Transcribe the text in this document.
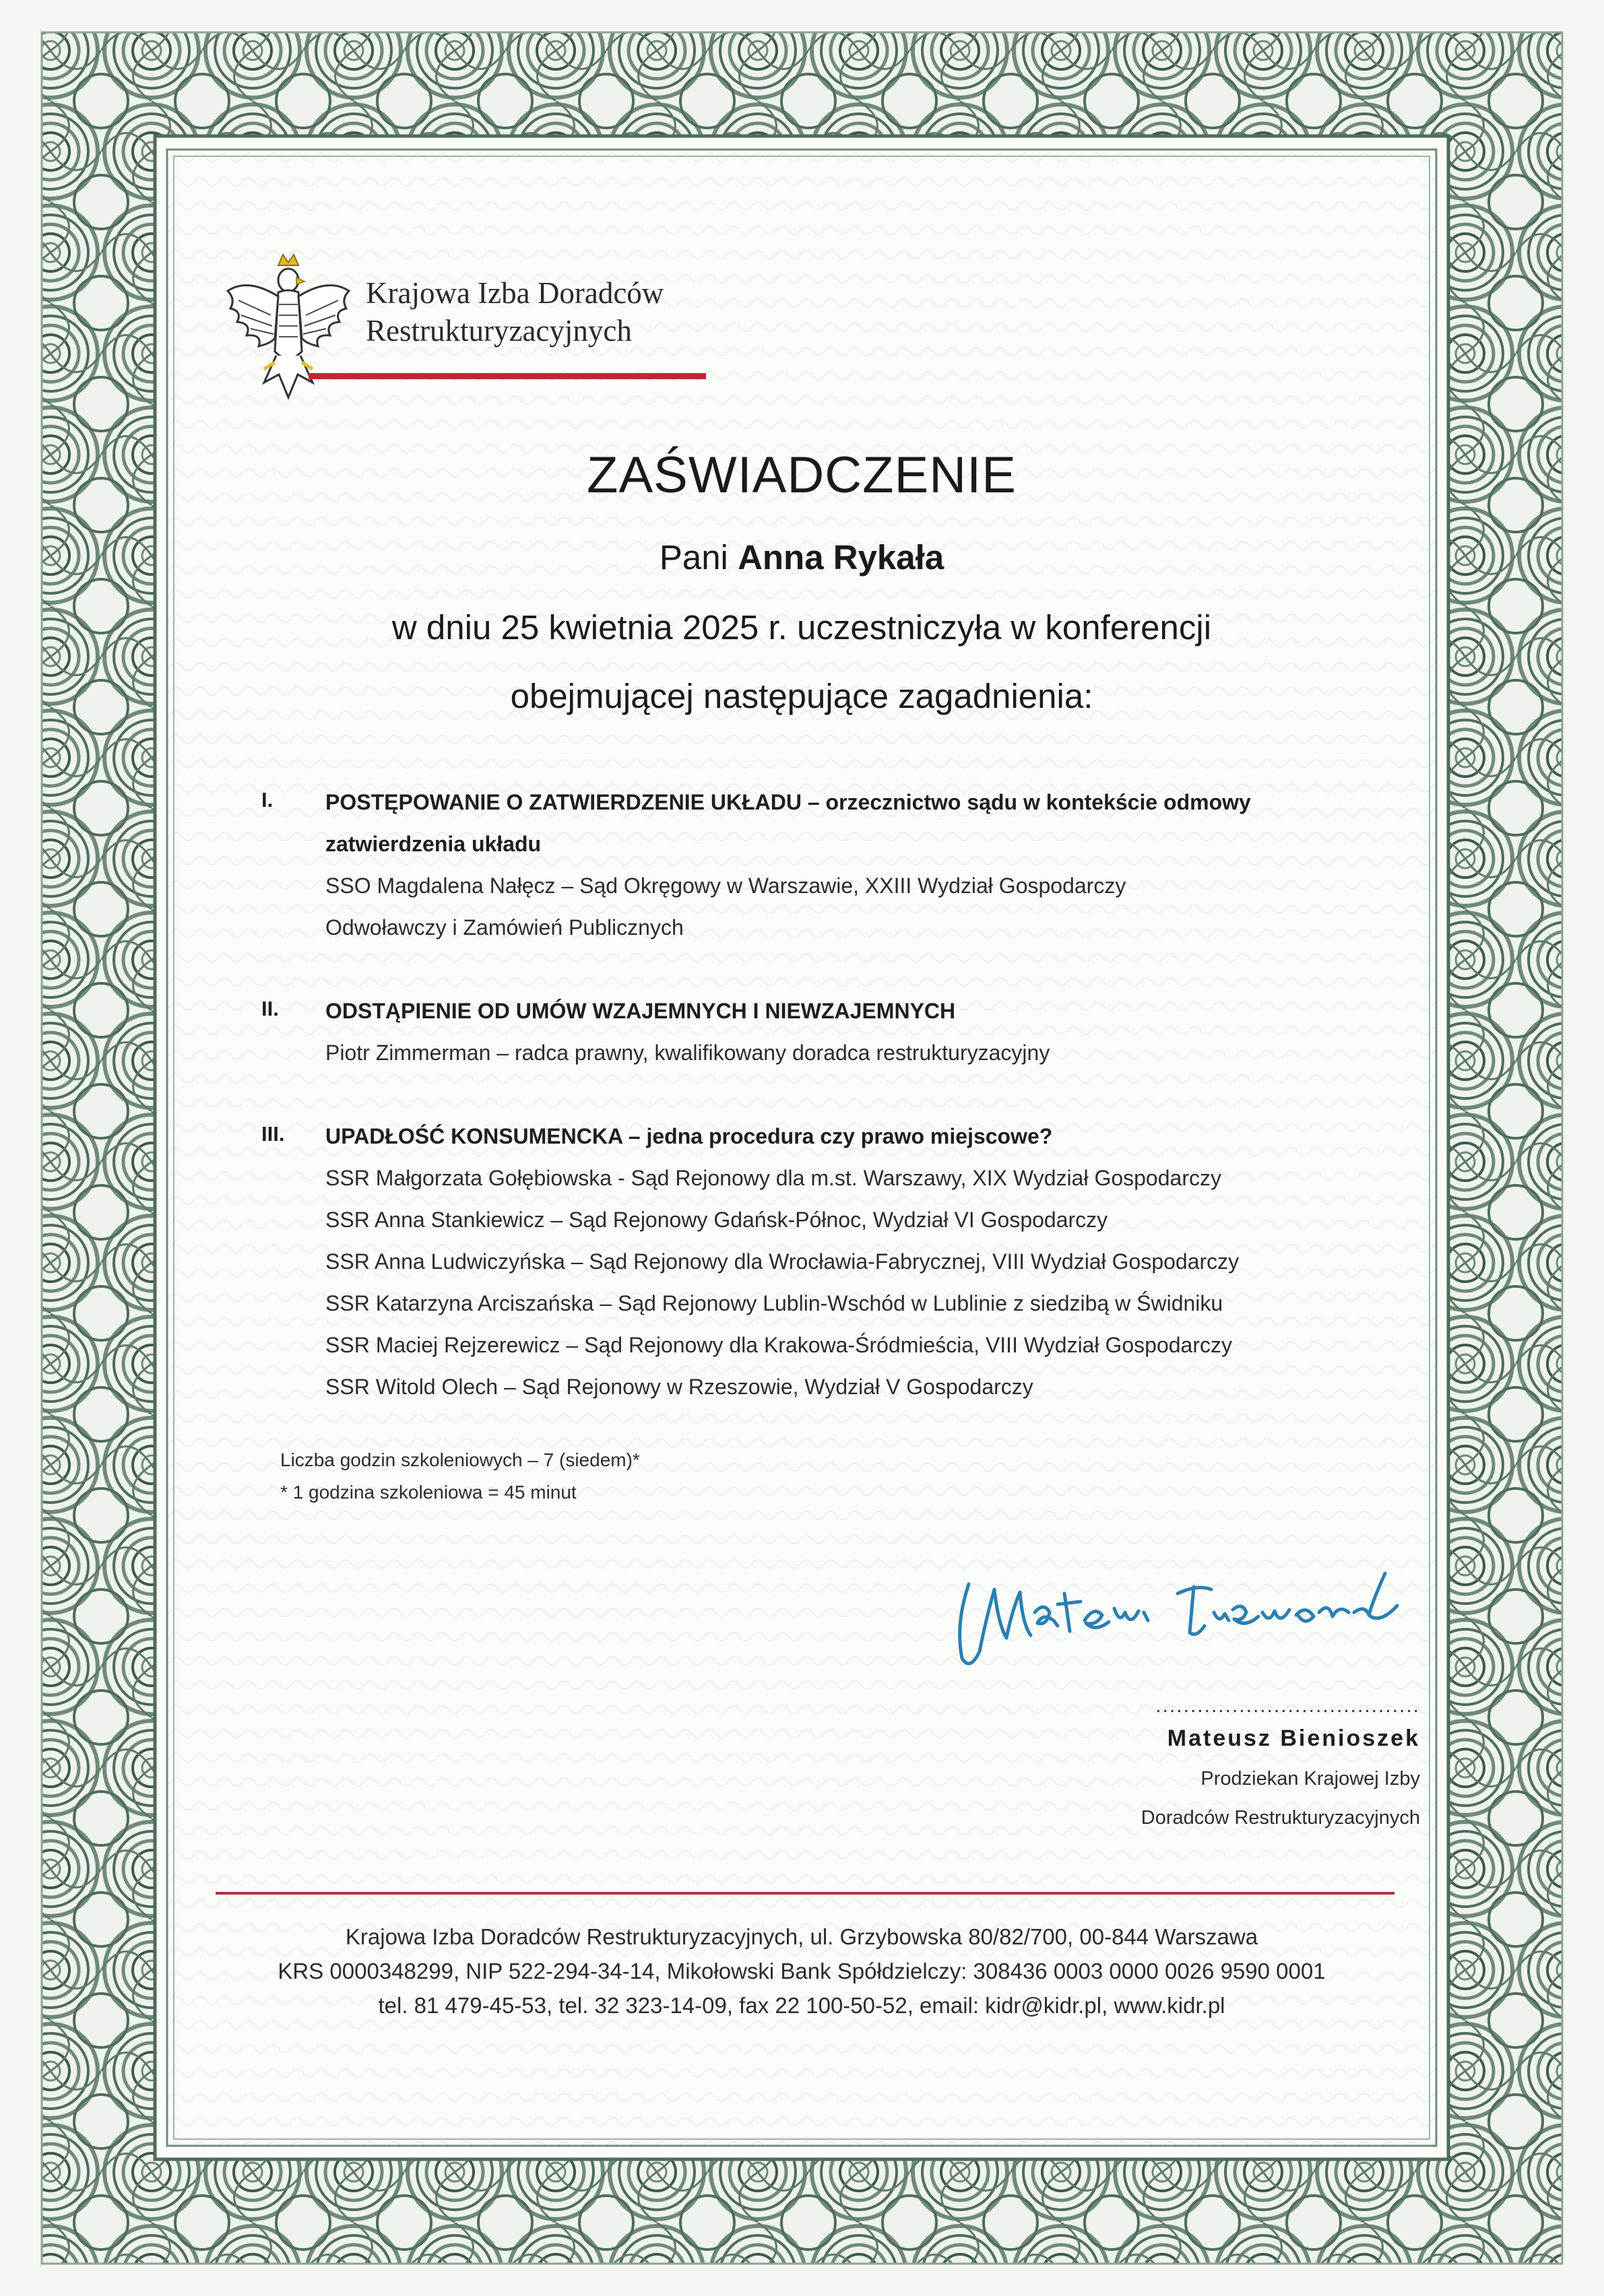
Krajowa Izba Doradców
Restrukturyzacyjnych
ZAŚWIADCZENIE
Pani Anna Rykała
w dniu 25 kwietnia 2025 r. uczestniczyła w konferencji
obejmującej następujące zagadnienia:
I. POSTĘPOWANIE O ZATWIERDZENIE UKŁADU – orzecznictwo sądu w kontekście odmowy
zatwierdzenia układu
SSO Magdalena Nałęcz – Sąd Okręgowy w Warszawie, XXIII Wydział Gospodarczy
Odwoławczy i Zamówień Publicznych
II. ODSTĄPIENIE OD UMÓW WZAJEMNYCH I NIEWZAJEMNYCH
Piotr Zimmerman – radca prawny, kwalifikowany doradca restrukturyzacyjny
III. UPADŁOŚĆ KONSUMENCKA – jedna procedura czy prawo miejscowe?
SSR Małgorzata Gołębiowska - Sąd Rejonowy dla m.st. Warszawy, XIX Wydział Gospodarczy
SSR Anna Stankiewicz – Sąd Rejonowy Gdańsk-Północ, Wydział VI Gospodarczy
SSR Anna Ludwiczyńska – Sąd Rejonowy dla Wrocławia-Fabrycznej, VIII Wydział Gospodarczy
SSR Katarzyna Arciszańska – Sąd Rejonowy Lublin-Wschód w Lublinie z siedzibą w Świdniku
SSR Maciej Rejzerewicz – Sąd Rejonowy dla Krakowa-Śródmieścia, VIII Wydział Gospodarczy
SSR Witold Olech – Sąd Rejonowy w Rzeszowie, Wydział V Gospodarczy
Liczba godzin szkoleniowych – 7 (siedem)*
* 1 godzina szkoleniowa = 45 minut
......................................
Mateusz Bienioszek
Prodziekan Krajowej Izby
Doradców Restrukturyzacyjnych
Krajowa Izba Doradców Restrukturyzacyjnych, ul. Grzybowska 80/82/700, 00-844 Warszawa
KRS 0000348299, NIP 522-294-34-14, Mikołowski Bank Spółdzielczy: 308436 0003 0000 0026 9590 0001
tel. 81 479-45-53, tel. 32 323-14-09, fax 22 100-50-52, email: kidr@kidr.pl, www.kidr.pl
